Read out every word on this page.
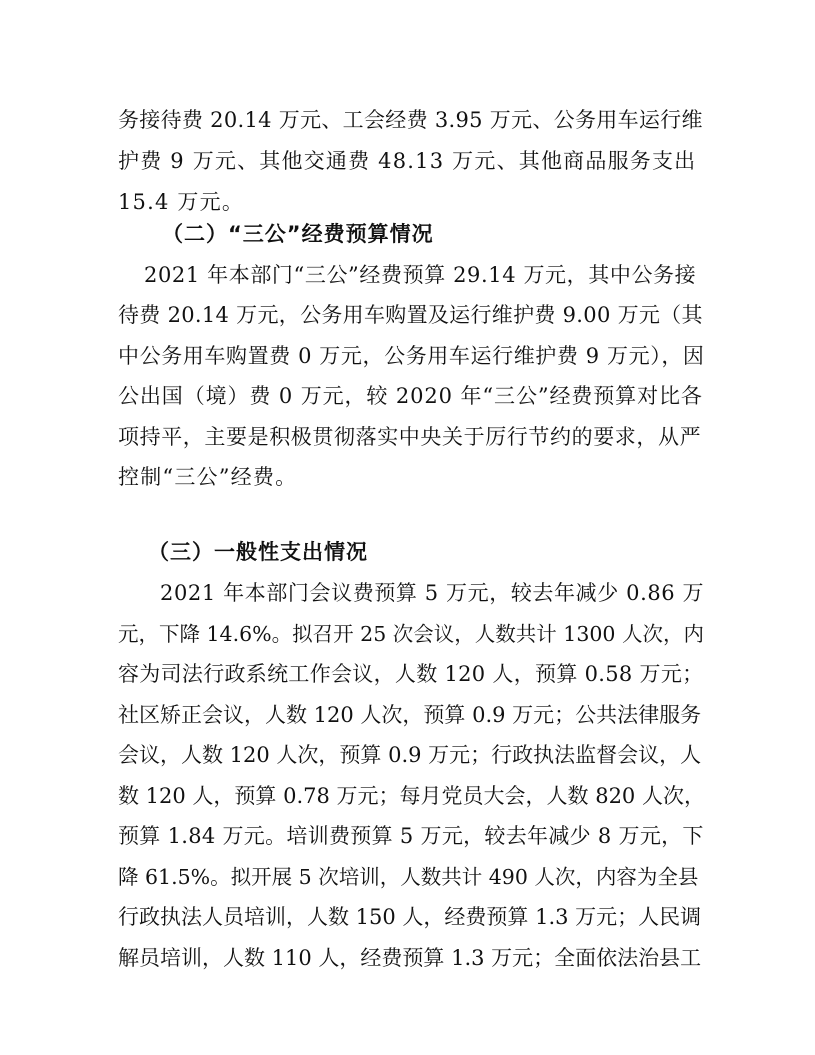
务接待费 20.14 万元、工会经费 3.95 万元、公务用车运行维
护费 9 万元、其他交通费 48.13 万元、其他商品服务支出
15.4 万元。
（二）“三公”经费预算情况
2021 年本部门“三公”经费预算 29.14 万元，其中公务接
待费 20.14 万元，公务用车购置及运行维护费 9.00 万元（其
中公务用车购置费 0 万元，公务用车运行维护费 9 万元），因
公出国（境）费 0 万元，较 2020 年“三公”经费预算对比各
项持平，主要是积极贯彻落实中央关于厉行节约的要求，从严
控制“三公”经费。
（三）一般性支出情况
2021 年本部门会议费预算 5 万元，较去年减少 0.86 万
元，下降 14.6%。拟召开 25 次会议，人数共计 1300 人次，内
容为司法行政系统工作会议，人数 120 人，预算 0.58 万元；
社区矫正会议，人数 120 人次，预算 0.9 万元；公共法律服务
会议，人数 120 人次，预算 0.9 万元；行政执法监督会议，人
数 120 人，预算 0.78 万元；每月党员大会，人数 820 人次，
预算 1.84 万元。培训费预算 5 万元，较去年减少 8 万元，下
降 61.5%。拟开展 5 次培训，人数共计 490 人次，内容为全县
行政执法人员培训，人数 150 人，经费预算 1.3 万元；人民调
解员培训，人数 110 人，经费预算 1.3 万元；全面依法治县工
